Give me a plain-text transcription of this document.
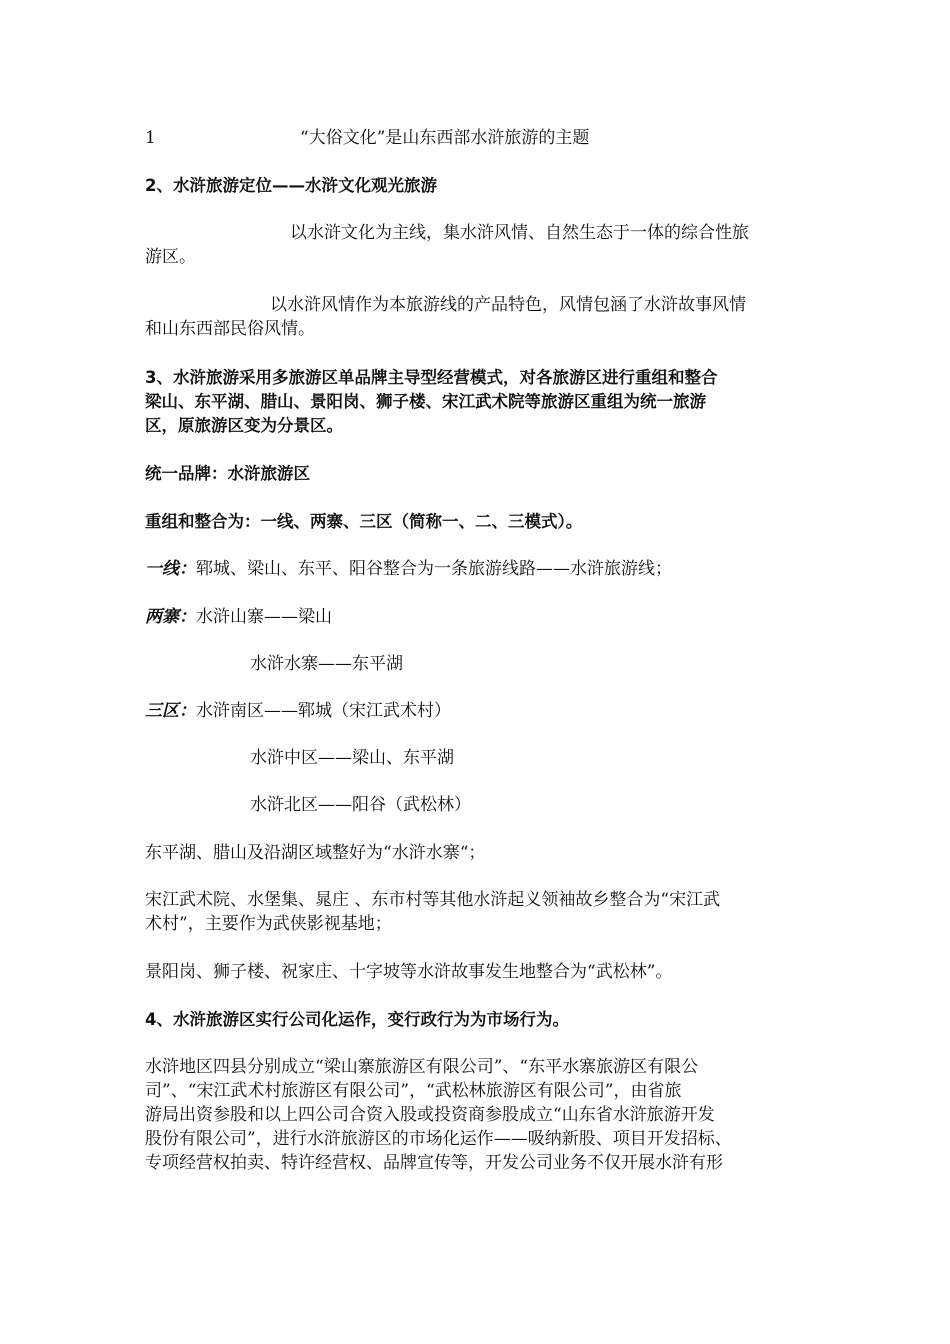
1	“大俗文化”是山东西部水浒旅游的主题
2、水浒旅游定位——水浒文化观光旅游
以水浒文化为主线，集水浒风情、自然生态于一体的综合性旅
游区。
以水浒风情作为本旅游线的产品特色，风情包涵了水浒故事风情
和山东西部民俗风情。
3、水浒旅游采用多旅游区单品牌主导型经营模式，对各旅游区进行重组和整合
梁山、东平湖、腊山、景阳岗、狮子楼、宋江武术院等旅游区重组为统一旅游
区，原旅游区变为分景区。
统一品牌：水浒旅游区
重组和整合为：一线、两寨、三区（简称一、二、三模式）。
一线：郓城、梁山、东平、阳谷整合为一条旅游线路——水浒旅游线；
两寨：水浒山寨——梁山
水浒水寨——东平湖
三区：水浒南区——郓城（宋江武术村）
水浒中区——梁山、东平湖
水浒北区——阳谷（武松林）
东平湖、腊山及沿湖区域整好为“水浒水寨“；
宋江武术院、水堡集、晁庄 、东市村等其他水浒起义领袖故乡整合为“宋江武
术村”，主要作为武侠影视基地；
景阳岗、狮子楼、祝家庄、十字坡等水浒故事发生地整合为“武松林”。
4、水浒旅游区实行公司化运作，变行政行为为市场行为。
水浒地区四县分别成立“梁山寨旅游区有限公司”、“东平水寨旅游区有限公
司”、“宋江武术村旅游区有限公司”，“武松林旅游区有限公司”，由省旅
游局出资参股和以上四公司合资入股或投资商参股成立“山东省水浒旅游开发
股份有限公司”，进行水浒旅游区的市场化运作——吸纳新股、项目开发招标、
专项经营权拍卖、特许经营权、品牌宣传等，开发公司业务不仅开展水浒有形
